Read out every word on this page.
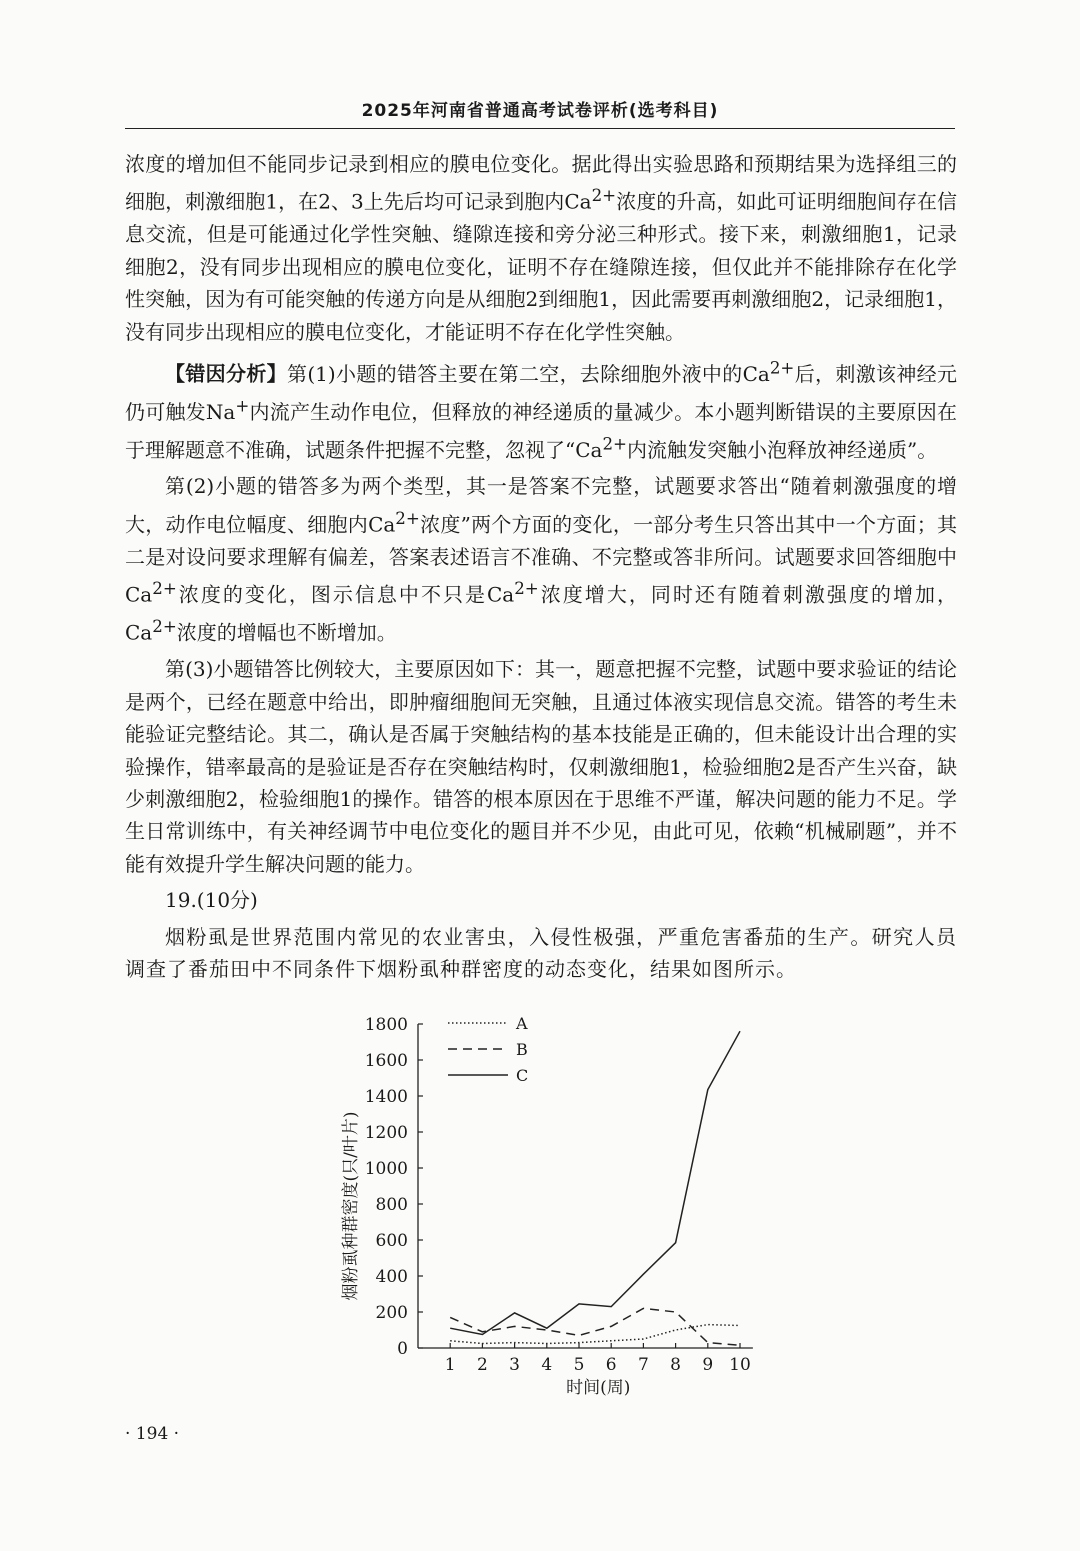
2025年河南省普通高考试卷评析(选考科目)

浓度的增加但不能同步记录到相应的膜电位变化。据此得出实验思路和预期结果为选择组三的细胞，刺激细胞1，在2、3上先后均可记录到胞内$Ca^{2+}$浓度的升高，如此可证明细胞间存在信息交流，但是可能通过化学性突触、缝隙连接和旁分泌三种形式。接下来，刺激细胞1，记录细胞2，没有同步出现相应的膜电位变化，证明不存在缝隙连接，但仅此并不能排除存在化学性突触，因为有可能突触的传递方向是从细胞2到细胞1，因此需要再刺激细胞2，记录细胞1，没有同步出现相应的膜电位变化，才能证明不存在化学性突触。

【错因分析】第(1)小题的错答主要在第二空，去除细胞外液中的$Ca^{2+}$后，刺激该神经元仍可触发Na+内流产生动作电位，但释放的神经递质的量减少。本小题判断错误的主要原因在于理解题意不准确，试题条件把握不完整，忽视了“$Ca^{2+}$内流触发突触小泡释放神经递质”。

第(2)小题的错答多为两个类型，其一是答案不完整，试题要求答出“随着刺激强度的增大，动作电位幅度、细胞内$Ca^{2+}$浓度”两个方面的变化，一部分考生只答出其中一个方面；其二是对设问要求理解有偏差，答案表述语言不准确、不完整或答非所问。试题要求回答细胞中$Ca^{2+}$浓度的变化，图示信息中不只是$Ca^{2+}$浓度增大，同时还有随着刺激强度的增加，$Ca^{2+}$浓度的增幅也不断增加。

第(3)小题错答比例较大，主要原因如下：其一，题意把握不完整，试题中要求验证的结论是两个，已经在题意中给出，即肿瘤细胞间无突触，且通过体液实现信息交流。错答的考生未能验证完整结论。其二，确认是否属于突触结构的基本技能是正确的，但未能设计出合理的实验操作，错率最高的是验证是否存在突触结构时，仅刺激细胞1，检验细胞2是否产生兴奋，缺少刺激细胞2，检验细胞1的操作。错答的根本原因在于思维不严谨，解决问题的能力不足。学生日常训练中，有关神经调节中电位变化的题目并不少见，由此可见，依赖“机械刷题”，并不能有效提升学生解决问题的能力。

19.(10分)

烟粉虱是世界范围内常见的农业害虫，入侵性极强，严重危害番茄的生产。研究人员调查了番茄田中不同条件下烟粉虱种群密度的动态变化，结果如图所示。

0
200
400
600
800
1000
1200
1400
1600
1800
1 2 3 4 5 6 7 8 9 10
时间(周)
烟粉虱种群密度(只/叶片)
A
B
C
· 194 ·
